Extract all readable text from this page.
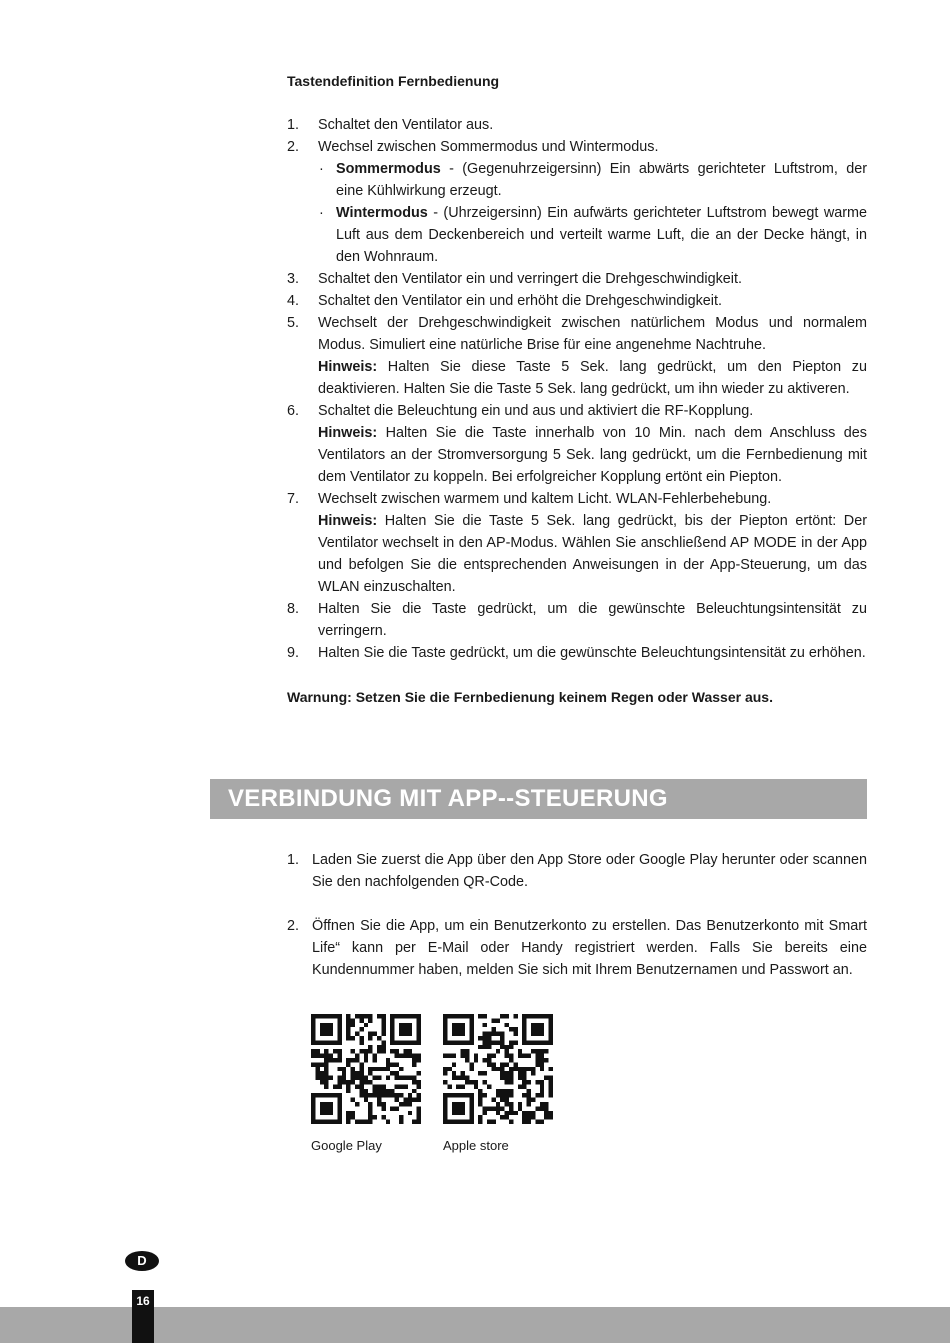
Tastendefinition Fernbedienung
1. Schaltet den Ventilator aus.
2. Wechsel zwischen Sommermodus und Wintermodus.
· Sommermodus - (Gegenuhrzeigersinn) Ein abwärts gerichteter Luftstrom, der eine Kühlwirkung erzeugt.
· Wintermodus - (Uhrzeigersinn) Ein aufwärts gerichteter Luftstrom bewegt warme Luft aus dem Deckenbereich und verteilt warme Luft, die an der Decke hängt, in den Wohnraum.
3. Schaltet den Ventilator ein und verringert die Drehgeschwindigkeit.
4. Schaltet den Ventilator ein und erhöht die Drehgeschwindigkeit.
5. Wechselt der Drehgeschwindigkeit zwischen natürlichem Modus und normalem Modus. Simuliert eine natürliche Brise für eine angenehme Nachtruhe.
Hinweis: Halten Sie diese Taste 5 Sek. lang gedrückt, um den Piepton zu deaktivieren. Halten Sie die Taste 5 Sek. lang gedrückt, um ihn wieder zu aktiveren.
6. Schaltet die Beleuchtung ein und aus und aktiviert die RF-Kopplung.
Hinweis: Halten Sie die Taste innerhalb von 10 Min. nach dem Anschluss des Ventilators an der Stromversorgung 5 Sek. lang gedrückt, um die Fernbedienung mit dem Ventilator zu koppeln. Bei erfolgreicher Kopplung ertönt ein Piepton.
7. Wechselt zwischen warmem und kaltem Licht. WLAN-Fehlerbehebung.
Hinweis: Halten Sie die Taste 5 Sek. lang gedrückt, bis der Piepton ertönt: Der Ventilator wechselt in den AP-Modus. Wählen Sie anschließend AP MODE in der App und befolgen Sie die entsprechenden Anweisungen in der App-Steuerung, um das WLAN einzuschalten.
8. Halten Sie die Taste gedrückt, um die gewünschte Beleuchtungsintensität zu verringern.
9. Halten Sie die Taste gedrückt, um die gewünschte Beleuchtungsintensität zu erhöhen.
Warnung: Setzen Sie die Fernbedienung keinem Regen oder Wasser aus.
VERBINDUNG MIT APP--STEUERUNG
1. Laden Sie zuerst die App über den App Store oder Google Play herunter oder scannen Sie den nachfolgenden QR-Code.
2. Öffnen Sie die App, um ein Benutzerkonto zu erstellen. Das Benutzerkonto mit Smart Life“ kann per E-Mail oder Handy registriert werden. Falls Sie bereits eine Kundennummer haben, melden Sie sich mit Ihrem Benutzernamen und Passwort an.
Google Play	Apple store
D
16
